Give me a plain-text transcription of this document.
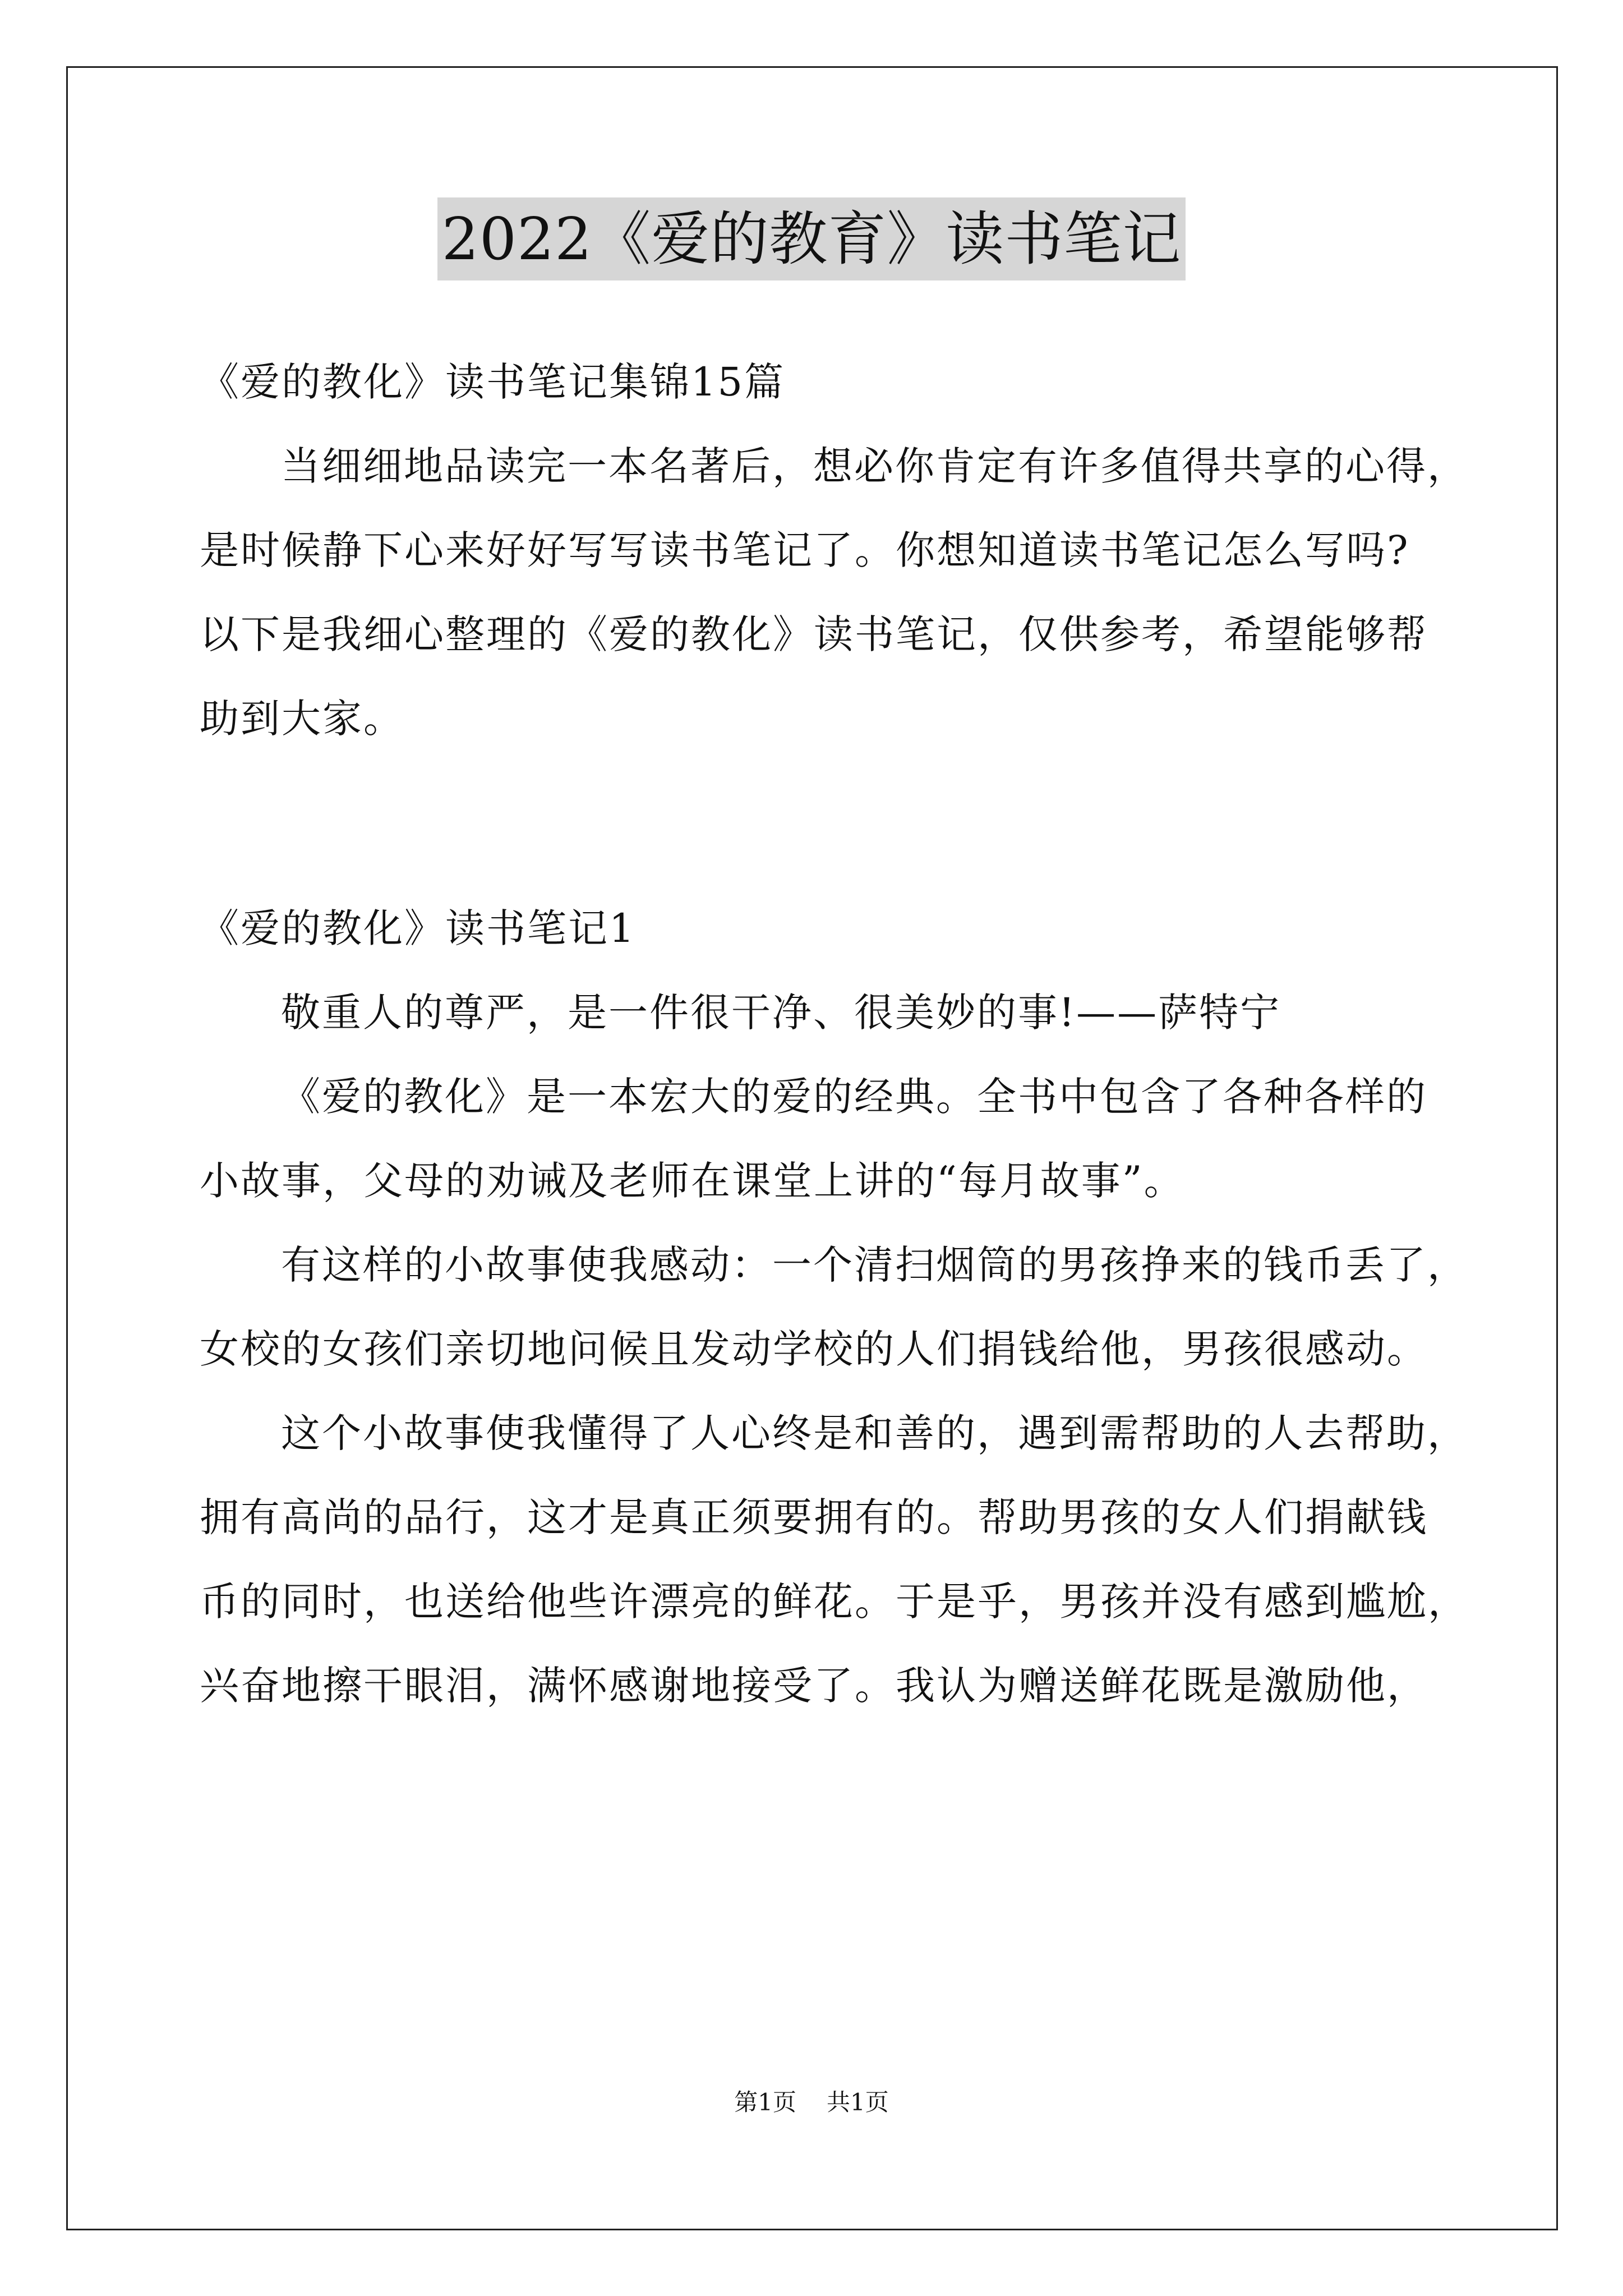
2022《爱的教育》读书笔记
《爱的教化》读书笔记集锦15篇
当细细地品读完一本名著后，想必你肯定有许多值得共享的心得，
是时候静下心来好好写写读书笔记了。你想知道读书笔记怎么写吗?
以下是我细心整理的《爱的教化》读书笔记，仅供参考，希望能够帮
助到大家。
《爱的教化》读书笔记1
敬重人的尊严，是一件很干净、很美妙的事!——萨特宁
《爱的教化》是一本宏大的爱的经典。全书中包含了各种各样的
小故事，父母的劝诫及老师在课堂上讲的“每月故事”。
有这样的小故事使我感动：一个清扫烟筒的男孩挣来的钱币丢了，
女校的女孩们亲切地问候且发动学校的人们捐钱给他，男孩很感动。
这个小故事使我懂得了人心终是和善的，遇到需帮助的人去帮助，
拥有高尚的品行，这才是真正须要拥有的。帮助男孩的女人们捐献钱
币的同时，也送给他些许漂亮的鲜花。于是乎，男孩并没有感到尴尬，
兴奋地擦干眼泪，满怀感谢地接受了。我认为赠送鲜花既是激励他，
第1页 共1页
